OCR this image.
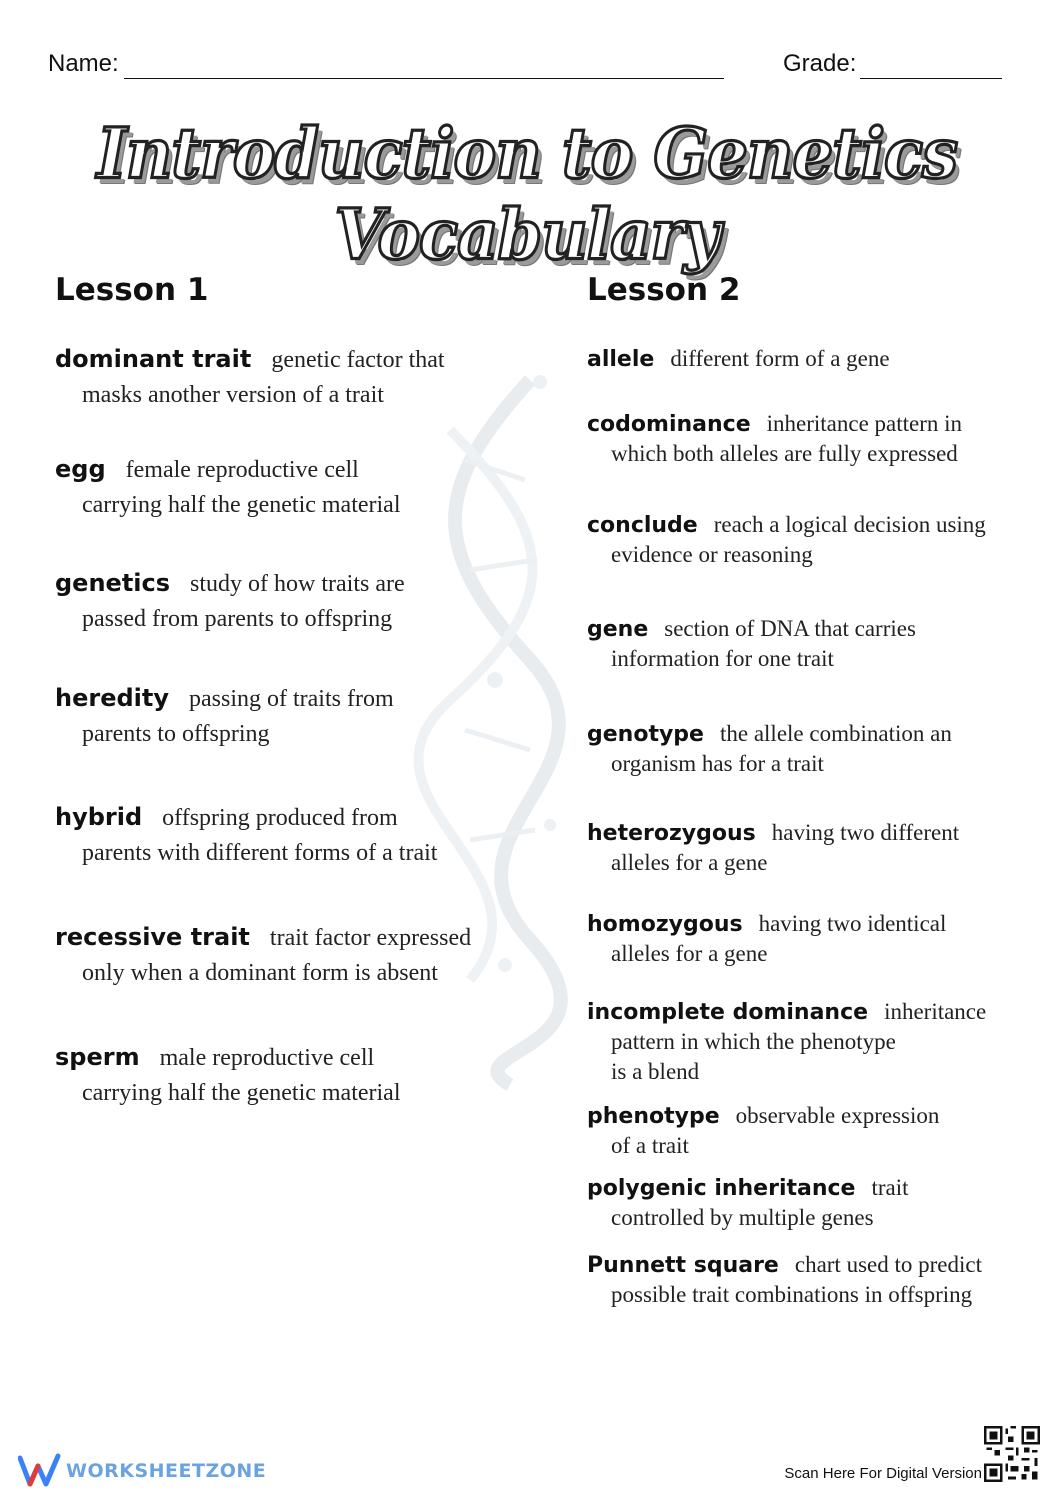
Name:	Grade:
Introduction to Genetics Vocabulary
Lesson 1
dominant trait genetic factor that
masks another version of a trait
egg female reproductive cell
carrying half the genetic material
genetics study of how traits are
passed from parents to offspring
heredity passing of traits from
parents to offspring
hybrid offspring produced from
parents with different forms of a trait
recessive trait trait factor expressed
only when a dominant form is absent
sperm male reproductive cell
carrying half the genetic material
Lesson 2
allele different form of a gene
codominance inheritance pattern in
which both alleles are fully expressed
conclude reach a logical decision using
evidence or reasoning
gene section of DNA that carries
information for one trait
genotype the allele combination an
organism has for a trait
heterozygous having two different
alleles for a gene
homozygous having two identical
alleles for a gene
incomplete dominance inheritance
pattern in which the phenotype
is a blend
phenotype observable expression
of a trait
polygenic inheritance trait
controlled by multiple genes
Punnett square chart used to predict
possible trait combinations in offspring
WORKSHEETZONE	Scan Here For Digital Version
